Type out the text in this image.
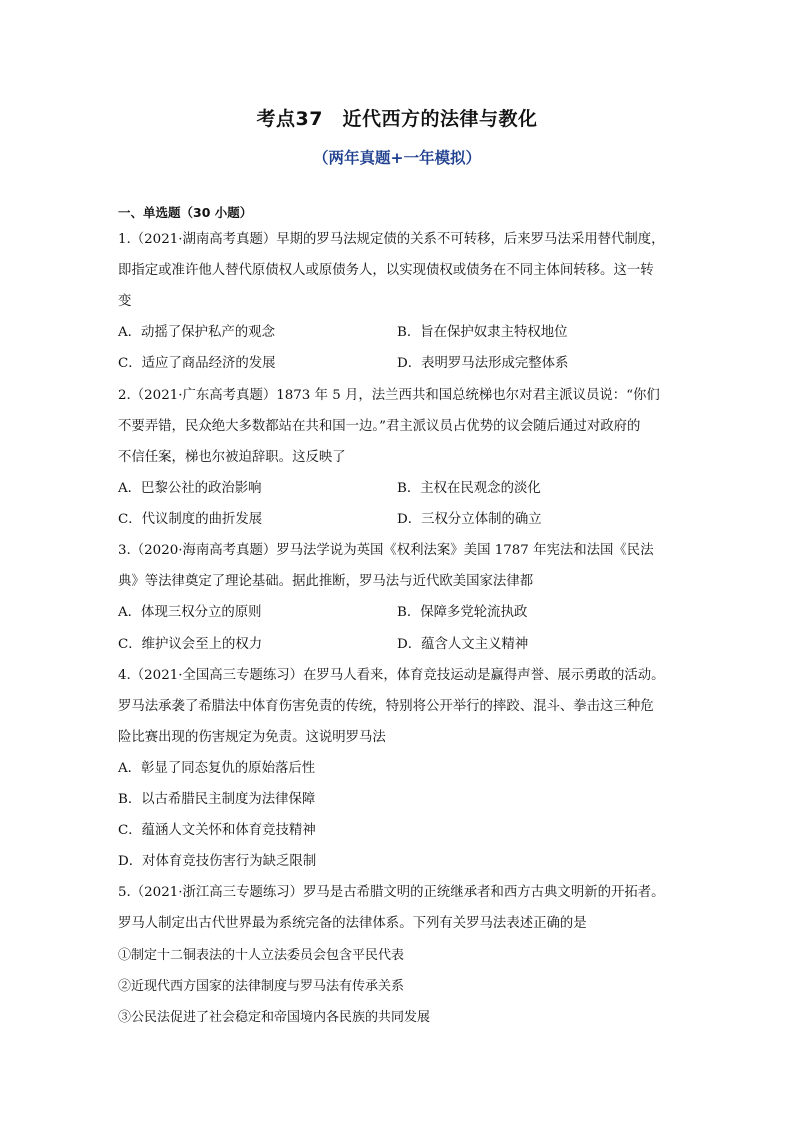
考点37　近代西方的法律与教化
（两年真题+一年模拟）
一、单选题（30 小题）
1.（2021·湖南高考真题）早期的罗马法规定债的关系不可转移，后来罗马法采用替代制度，
即指定或准许他人替代原债权人或原债务人，以实现债权或债务在不同主体间转移。这一转
变
A．动摇了保护私产的观念	B．旨在保护奴隶主特权地位
C．适应了商品经济的发展	D．表明罗马法形成完整体系
2.（2021·广东高考真题）1873 年 5 月，法兰西共和国总统梯也尔对君主派议员说：“你们
不要弄错，民众绝大多数都站在共和国一边。”君主派议员占优势的议会随后通过对政府的
不信任案，梯也尔被迫辞职。这反映了
A．巴黎公社的政治影响	B．主权在民观念的淡化
C．代议制度的曲折发展	D．三权分立体制的确立
3.（2020·海南高考真题）罗马法学说为英国《权利法案》美国 1787 年宪法和法国《民法
典》等法律奠定了理论基础。据此推断，罗马法与近代欧美国家法律都
A．体现三权分立的原则	B．保障多党轮流执政
C．维护议会至上的权力	D．蕴含人文主义精神
4.（2021·全国高三专题练习）在罗马人看来，体育竞技运动是赢得声誉、展示勇敢的活动。
罗马法承袭了希腊法中体育伤害免责的传统，特别将公开举行的摔跤、混斗、拳击这三种危
险比赛出现的伤害规定为免责。这说明罗马法
A．彰显了同态复仇的原始落后性
B．以古希腊民主制度为法律保障
C．蕴涵人文关怀和体育竞技精神
D．对体育竞技伤害行为缺乏限制
5.（2021·浙江高三专题练习）罗马是古希腊文明的正统继承者和西方古典文明新的开拓者。
罗马人制定出古代世界最为系统完备的法律体系。下列有关罗马法表述正确的是
①制定十二铜表法的十人立法委员会包含平民代表
②近现代西方国家的法律制度与罗马法有传承关系
③公民法促进了社会稳定和帝国境内各民族的共同发展
